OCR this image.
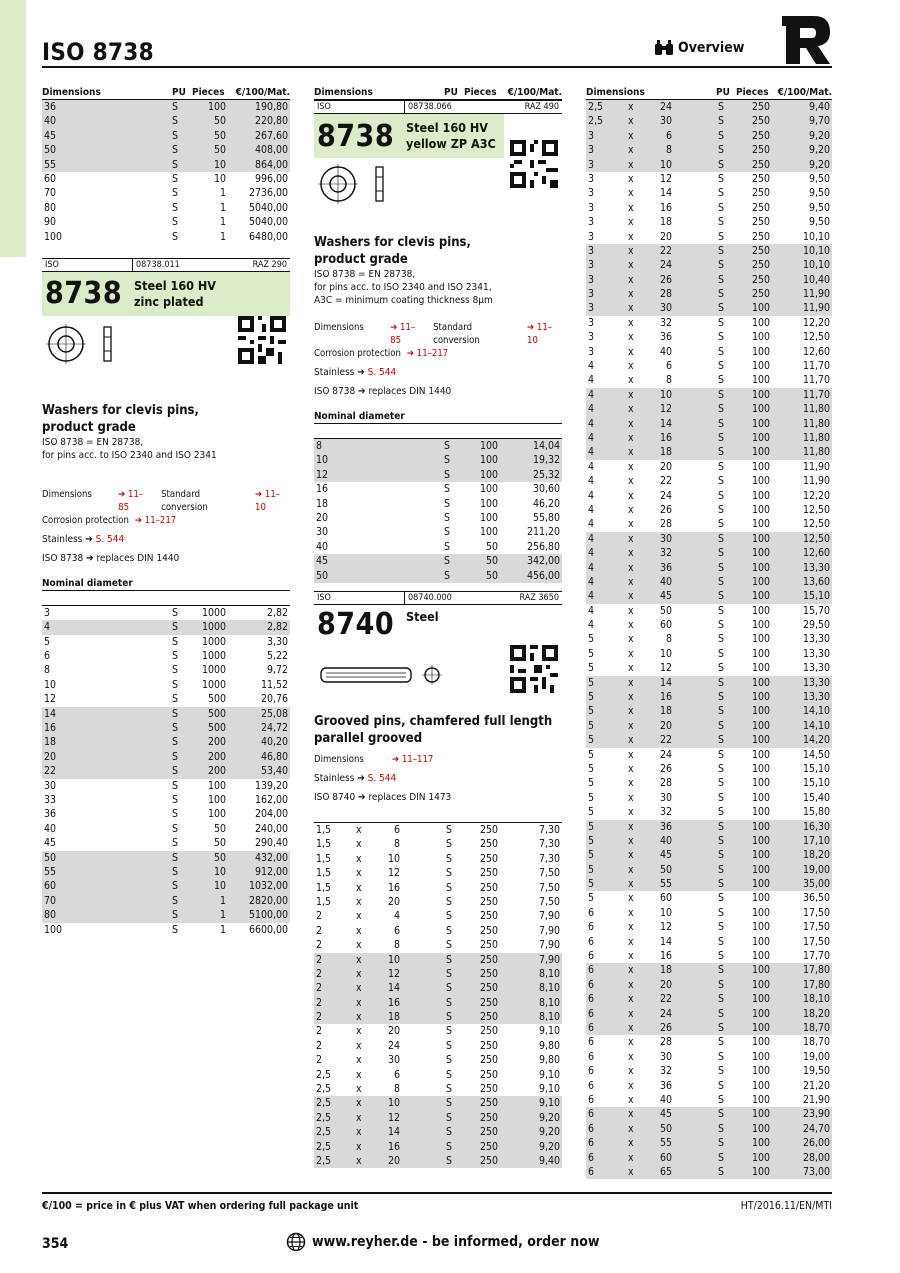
ISO 8738	Overview
Dimensions	PU Pieces	€/100/Mat.
36	S	100	190,80
40	S	50	220,80
45	S	50	267,60
50	S	50	408,00
55	S	10	864,00
60	S	10	996,00
70	S	1	2736,00
80	S	1	5040,00
90	S	1	5040,00
100	S	1	6480,00
ISO	08738.011	RAZ 290
8738 Steel 160 HV
zinc plated
Washers for clevis pins,
product grade
ISO 8738 = EN 28738,
for pins acc. to ISO 2340 and ISO 2341
Dimensions	➔ 11–85
Standard conversion
➔ 11–10
Corrosion protection ➔ 11–217
Stainless ➔ S. 544
ISO 8738 ➔ replaces DIN 1440
Nominal diameter
3	S	1000	2,82
4	S	1000	2,82
5	S	1000	3,30
6	S	1000	5,22
8	S	1000	9,72
10	S	1000	11,52
12	S	500	20,76
14	S	500	25,08
16	S	500	24,72
18	S	200	40,20
20	S	200	46,80
22	S	200	53,40
30	S	100	139,20
33	S	100	162,00
36	S	100	204,00
40	S	50	240,00
45	S	50	290,40
50	S	50	432,00
55	S	10	912,00
60	S	10	1032,00
70	S	1	2820,00
80	S	1	5100,00
100	S	1	6600,00
Dimensions	PU Pieces	€/100/Mat.
ISO	08738.066	RAZ 490
8738 Steel 160 HV
yellow ZP A3C
Washers for clevis pins,
product grade
ISO 8738 = EN 28738,
for pins acc. to ISO 2340 and ISO 2341,
A3C = minimum coating thickness 8µm
Dimensions	➔ 11–85
Standard conversion
➔ 11–10
Corrosion protection ➔ 11–217
Stainless ➔ S. 544
ISO 8738 ➔ replaces DIN 1440
Nominal diameter
8	S	100	14,04
10	S	100	19,32
12	S	100	25,32
16	S	100	30,60
18	S	100	46,20
20	S	100	55,80
30	S	100	211,20
40	S	50	256,80
45	S	50	342,00
50	S	50	456,00
ISO	08740.000	RAZ 3650
8740 Steel
Grooved pins, chamfered full length
parallel grooved
Dimensions	➔ 11–117
Stainless ➔ S. 544
ISO 8740 ➔ replaces DIN 1473
1,5	x	6	S	250	7,30
1,5	x	8	S	250	7,30
1,5	x	10	S	250	7,30
1,5	x	12	S	250	7,50
1,5	x	16	S	250	7,50
1,5	x	20	S	250	7,50
2	x	4	S	250	7,90
2	x	6	S	250	7,90
2	x	8	S	250	7,90
2	x	10	S	250	7,90
2	x	12	S	250	8,10
2	x	14	S	250	8,10
2	x	16	S	250	8,10
2	x	18	S	250	8,10
2	x	20	S	250	9,10
2	x	24	S	250	9,80
2	x	30	S	250	9,80
2,5	x	6	S	250	9,10
2,5	x	8	S	250	9,10
2,5	x	10	S	250	9,10
2,5	x	12	S	250	9,20
2,5	x	14	S	250	9,20
2,5	x	16	S	250	9,20
2,5	x	20	S	250	9,40
Dimensions	PU Pieces €/100/Mat.
2,5	x	24	S	250	9,40
2,5	x	30	S	250	9,70
3	x	6	S	250	9,20
3	x	8	S	250	9,20
3	x	10	S	250	9,20
3	x	12	S	250	9,50
3	x	14	S	250	9,50
3	x	16	S	250	9,50
3	x	18	S	250	9,50
3	x	20	S	250	10,10
3	x	22	S	250	10,10
3	x	24	S	250	10,10
3	x	26	S	250	10,40
3	x	28	S	250	11,90
3	x	30	S	100	11,90
3	x	32	S	100	12,20
3	x	36	S	100	12,50
3	x	40	S	100	12,60
4	x	6	S	100	11,70
4	x	8	S	100	11,70
4	x	10	S	100	11,70
4	x	12	S	100	11,80
4	x	14	S	100	11,80
4	x	16	S	100	11,80
4	x	18	S	100	11,80
4	x	20	S	100	11,90
4	x	22	S	100	11,90
4	x	24	S	100	12,20
4	x	26	S	100	12,50
4	x	28	S	100	12,50
4	x	30	S	100	12,50
4	x	32	S	100	12,60
4	x	36	S	100	13,30
4	x	40	S	100	13,60
4	x	45	S	100	15,10
4	x	50	S	100	15,70
4	x	60	S	100	29,50
5	x	8	S	100	13,30
5	x	10	S	100	13,30
5	x	12	S	100	13,30
5	x	14	S	100	13,30
5	x	16	S	100	13,30
5	x	18	S	100	14,10
5	x	20	S	100	14,10
5	x	22	S	100	14,20
5	x	24	S	100	14,50
5	x	26	S	100	15,10
5	x	28	S	100	15,10
5	x	30	S	100	15,40
5	x	32	S	100	15,80
5	x	36	S	100	16,30
5	x	40	S	100	17,10
5	x	45	S	100	18,20
5	x	50	S	100	19,00
5	x	55	S	100	35,00
5	x	60	S	100	36,50
6	x	10	S	100	17,50
6	x	12	S	100	17,50
6	x	14	S	100	17,50
6	x	16	S	100	17,70
6	x	18	S	100	17,80
6	x	20	S	100	17,80
6	x	22	S	100	18,10
6	x	24	S	100	18,20
6	x	26	S	100	18,70
6	x	28	S	100	18,70
6	x	30	S	100	19,00
6	x	32	S	100	19,50
6	x	36	S	100	21,20
6	x	40	S	100	21,90
6	x	45	S	100	23,90
6	x	50	S	100	24,70
6	x	55	S	100	26,00
6	x	60	S	100	28,00
6	x	65	S	100	73,00
€/100 = price in € plus VAT when ordering full package unit	HT/2016.11/EN/MTI
354	www.reyher.de - be informed, order now
